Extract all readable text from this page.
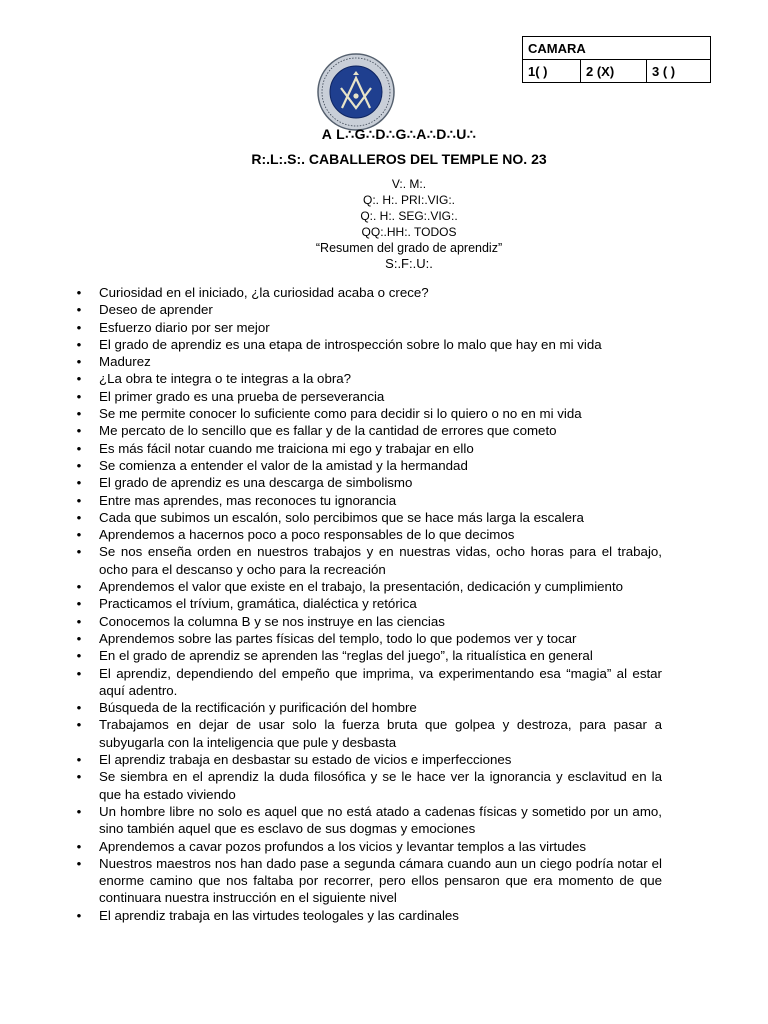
CAMARA
1( )	2 (X)	3 ( )
A L∴G∴D∴G∴A∴D∴U∴
R:.L:.S:. CABALLEROS DEL TEMPLE NO. 23
V:. M:.
Q:. H:. PRI:.VIG:.
Q:. H:. SEG:.VIG:.
QQ:.HH:. TODOS
“Resumen del grado de aprendiz”
S:.F:.U:.
• Curiosidad en el iniciado, ¿la curiosidad acaba o crece?
• Deseo de aprender
• Esfuerzo diario por ser mejor
• El grado de aprendiz es una etapa de introspección sobre lo malo que hay en mi vida
• Madurez
• ¿La obra te integra o te integras a la obra?
• El primer grado es una prueba de perseverancia
• Se me permite conocer lo suficiente como para decidir si lo quiero o no en mi vida
• Me percato de lo sencillo que es fallar y de la cantidad de errores que cometo
• Es más fácil notar cuando me traiciona mi ego y trabajar en ello
• Se comienza a entender el valor de la amistad y la hermandad
• El grado de aprendiz es una descarga de simbolismo
• Entre mas aprendes, mas reconoces tu ignorancia
• Cada que subimos un escalón, solo percibimos que se hace más larga la escalera
• Aprendemos a hacernos poco a poco responsables de lo que decimos
• Se nos enseña orden en nuestros trabajos y en nuestras vidas, ocho horas para el trabajo, ocho para el descanso y ocho para la recreación
• Aprendemos el valor que existe en el trabajo, la presentación, dedicación y cumplimiento
• Practicamos el trívium, gramática, dialéctica y retórica
• Conocemos la columna B y se nos instruye en las ciencias
• Aprendemos sobre las partes físicas del templo, todo lo que podemos ver y tocar
• En el grado de aprendiz se aprenden las “reglas del juego”, la ritualística en general
• El aprendiz, dependiendo del empeño que imprima, va experimentando esa “magia” al estar aquí adentro.
• Búsqueda de la rectificación y purificación del hombre
• Trabajamos en dejar de usar solo la fuerza bruta que golpea y destroza, para pasar a subyugarla con la inteligencia que pule y desbasta
• El aprendiz trabaja en desbastar su estado de vicios e imperfecciones
• Se siembra en el aprendiz la duda filosófica y se le hace ver la ignorancia y esclavitud en la que ha estado viviendo
• Un hombre libre no solo es aquel que no está atado a cadenas físicas y sometido por un amo, sino también aquel que es esclavo de sus dogmas y emociones
• Aprendemos a cavar pozos profundos a los vicios y levantar templos a las virtudes
• Nuestros maestros nos han dado pase a segunda cámara cuando aun un ciego podría notar el enorme camino que nos faltaba por recorrer, pero ellos pensaron que era momento de que continuara nuestra instrucción en el siguiente nivel
• El aprendiz trabaja en las virtudes teologales y las cardinales
